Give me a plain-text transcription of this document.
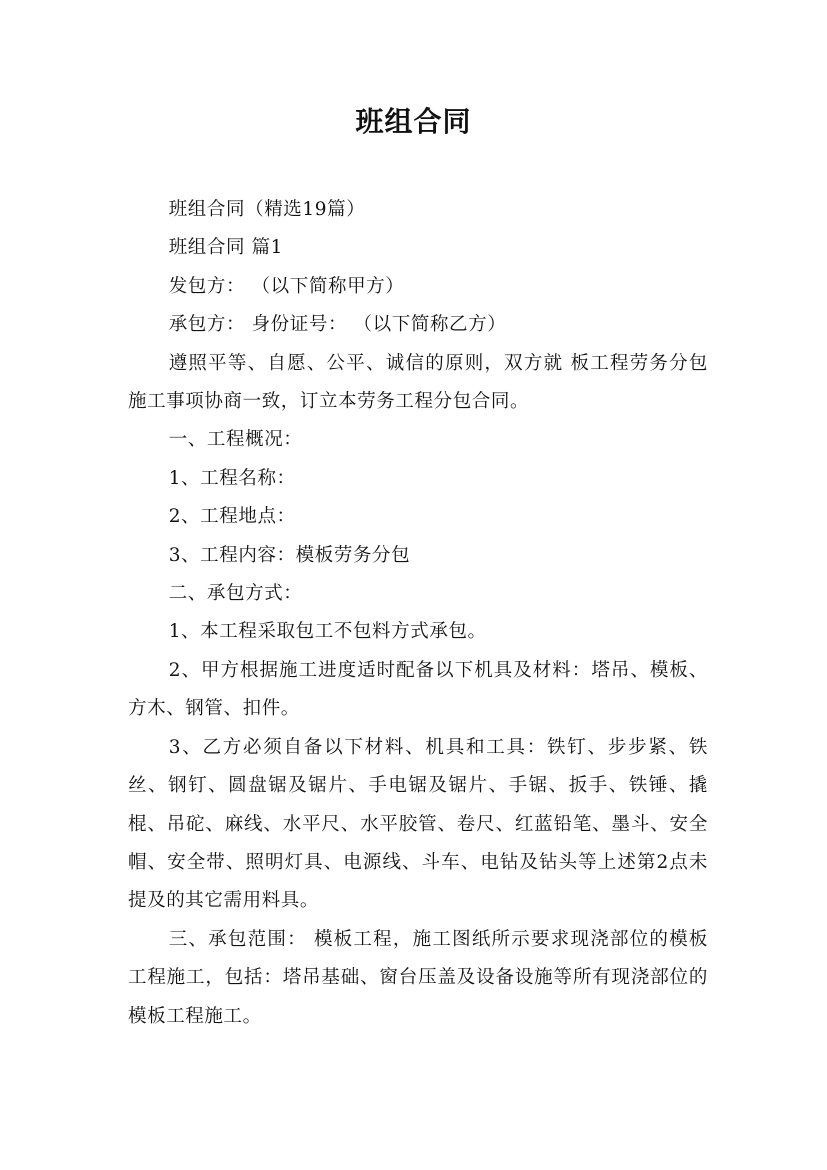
班组合同

班组合同（精选19篇）

班组合同 篇1

发包方： （以下简称甲方）

承包方： 身份证号： （以下简称乙方）

遵照平等、自愿、公平、诚信的原则，双方就 板工程劳务分包施工事项协商一致，订立本劳务工程分包合同。

一、工程概况：

1、工程名称：

2、工程地点：

3、工程内容：模板劳务分包

二、承包方式：

1、本工程采取包工不包料方式承包。

2、甲方根据施工进度适时配备以下机具及材料：塔吊、模板、方木、钢管、扣件。

3、乙方必须自备以下材料、机具和工具：铁钉、步步紧、铁丝、钢钉、圆盘锯及锯片、手电锯及锯片、手锯、扳手、铁锤、撬棍、吊砣、麻线、水平尺、水平胶管、卷尺、红蓝铅笔、墨斗、安全帽、安全带、照明灯具、电源线、斗车、电钻及钻头等上述第2点未提及的其它需用料具。

三、承包范围： 模板工程，施工图纸所示要求现浇部位的模板工程施工，包括：塔吊基础、窗台压盖及设备设施等所有现浇部位的模板工程施工。
